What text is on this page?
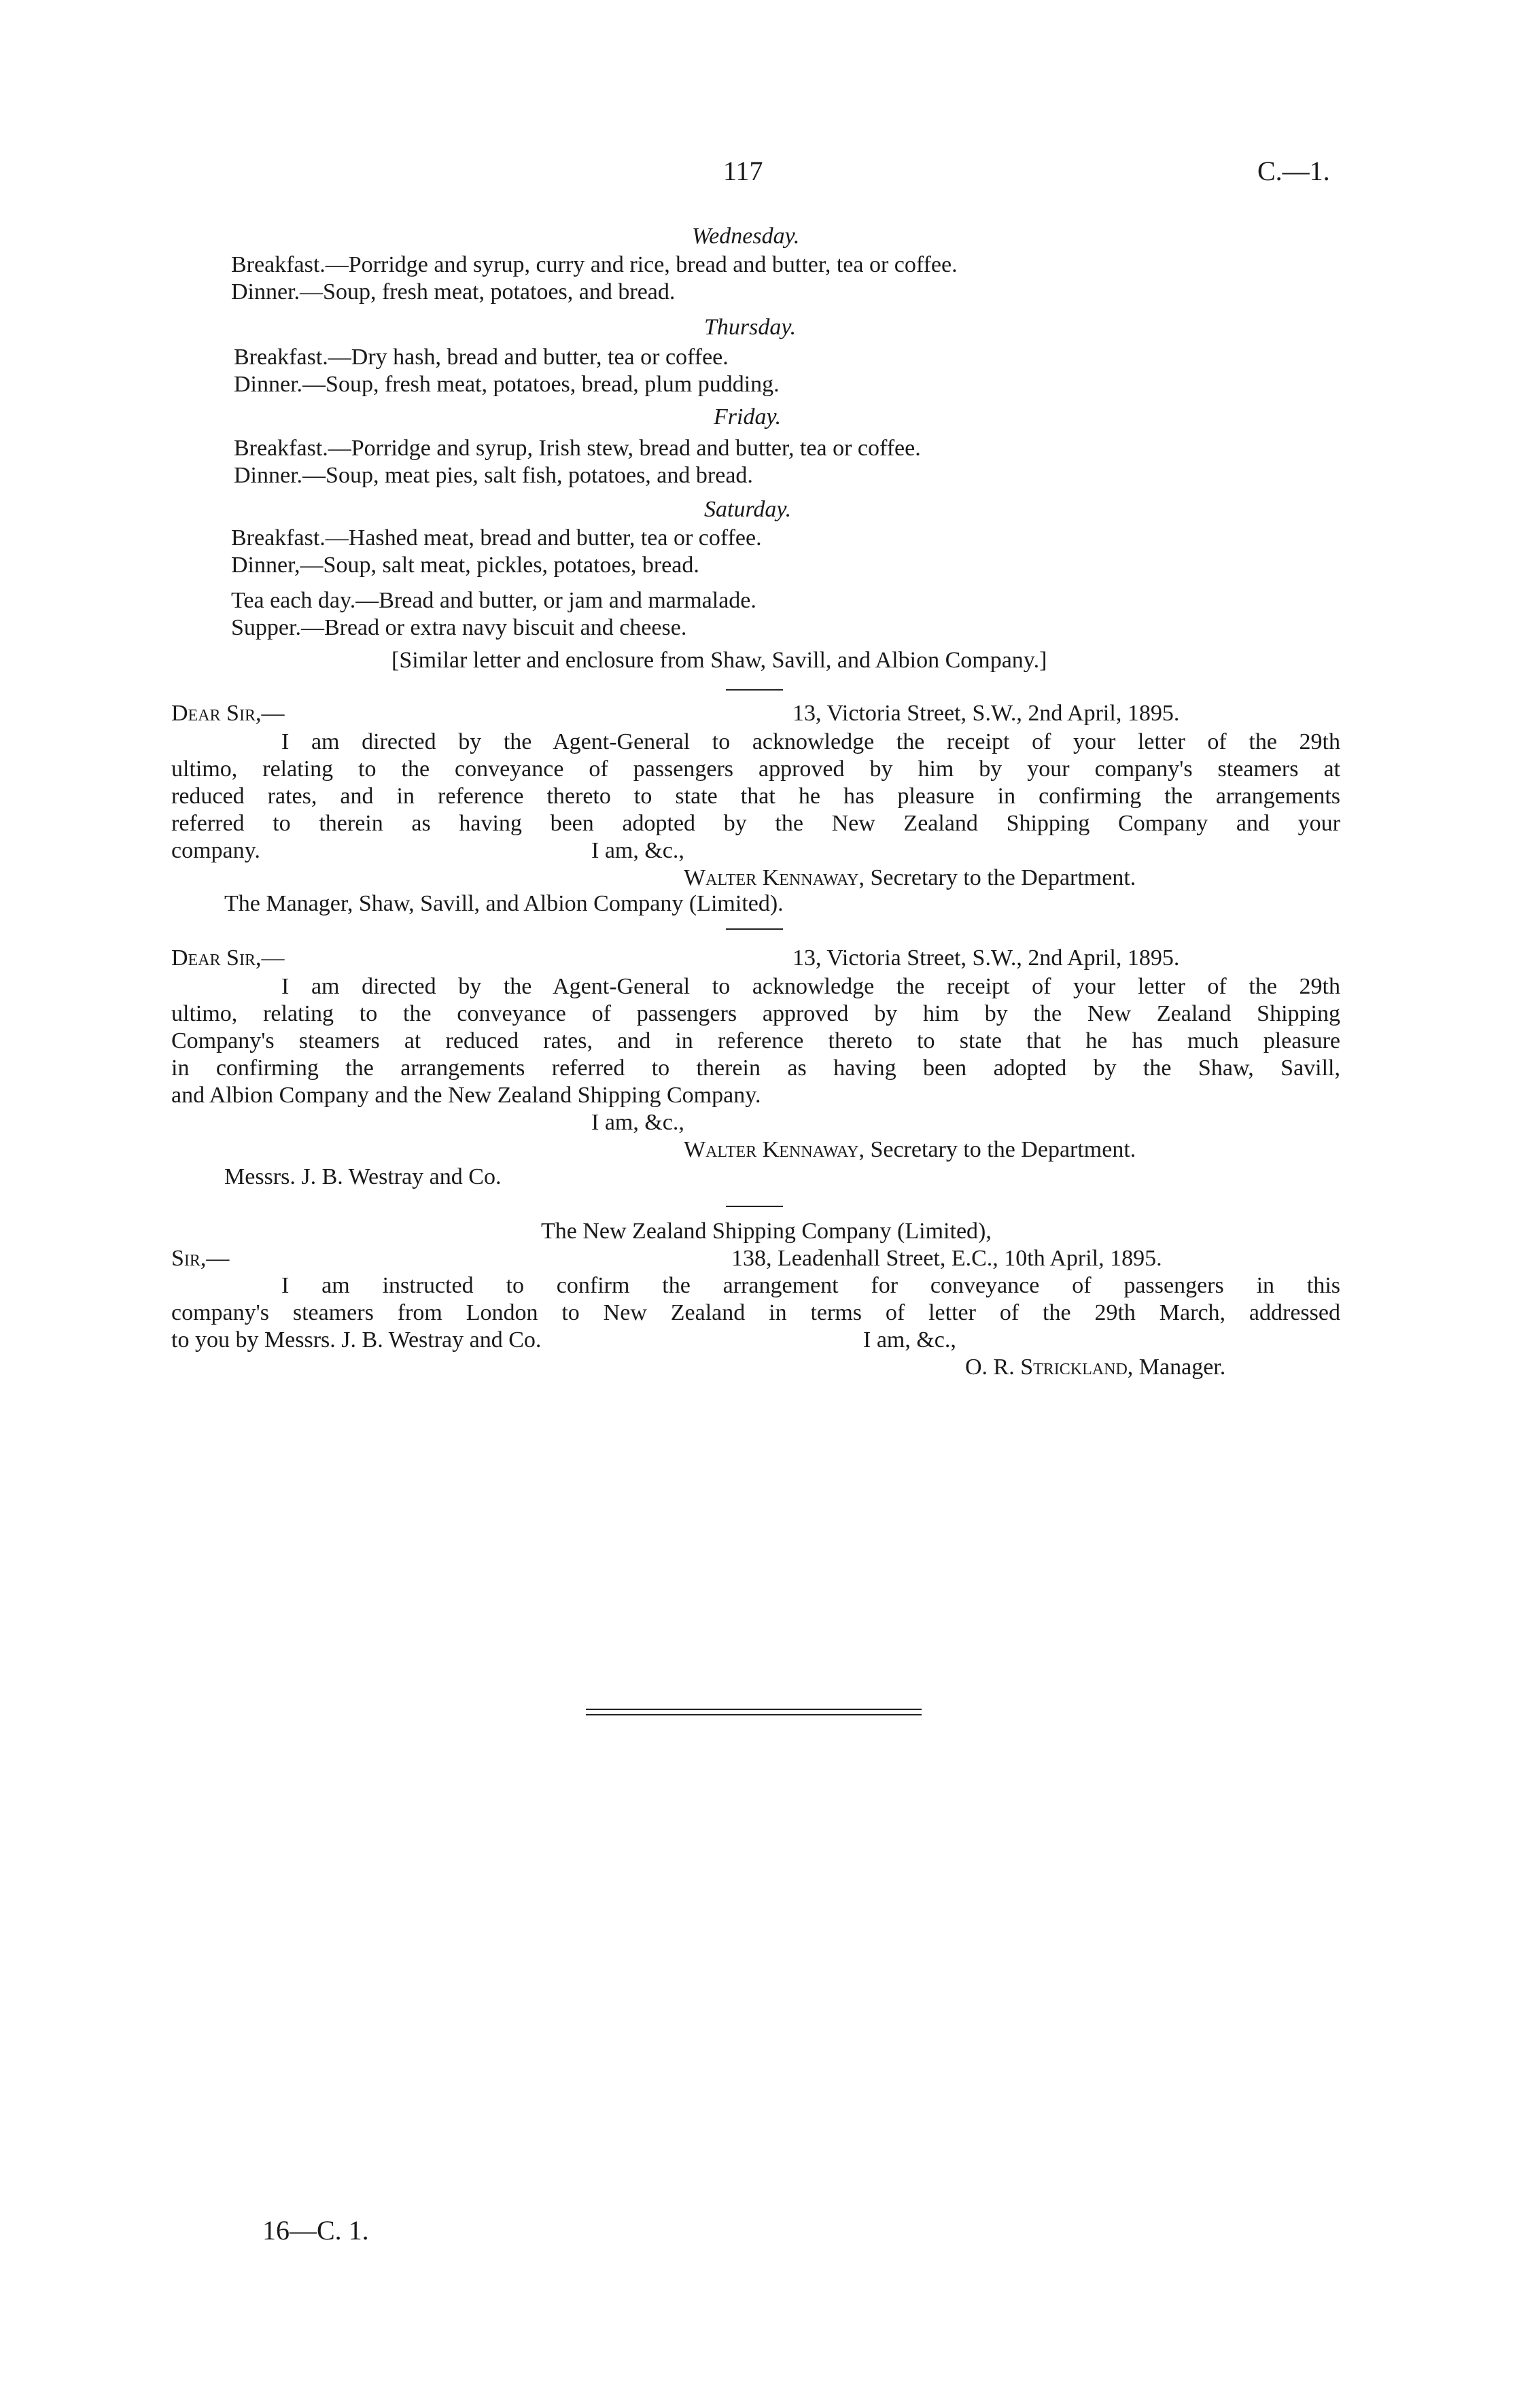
117	C.—1.
Wednesday.
Breakfast.—Porridge and syrup, curry and rice, bread and butter, tea or coffee.
Dinner.—Soup, fresh meat, potatoes, and bread.
Thursday.
Breakfast.—Dry hash, bread and butter, tea or coffee.
Dinner.—Soup, fresh meat, potatoes, bread, plum pudding.
Friday.
Breakfast.—Porridge and syrup, Irish stew, bread and butter, tea or coffee.
Dinner.—Soup, meat pies, salt fish, potatoes, and bread.
Saturday.
Breakfast.—Hashed meat, bread and butter, tea or coffee.
Dinner,—Soup, salt meat, pickles, potatoes, bread.
Tea each day.—Bread and butter, or jam and marmalade.
Supper.—Bread or extra navy biscuit and cheese.
[Similar letter and enclosure from Shaw, Savill, and Albion Company.]
Dear Sir,—	13, Victoria Street, S.W., 2nd April, 1895.
I am directed by the Agent-General to acknowledge the receipt of your letter of the 29th
ultimo, relating to the conveyance of passengers approved by him by your company's steamers at
reduced rates, and in reference thereto to state that he has pleasure in confirming the arrangements
referred to therein as having been adopted by the New Zealand Shipping Company and your
company.	I am, &c.,
Walter Kennaway, Secretary to the Department.
The Manager, Shaw, Savill, and Albion Company (Limited).
Dear Sir,—	13, Victoria Street, S.W., 2nd April, 1895.
I am directed by the Agent-General to acknowledge the receipt of your letter of the 29th
ultimo, relating to the conveyance of passengers approved by him by the New Zealand Shipping
Company's steamers at reduced rates, and in reference thereto to state that he has much pleasure
in confirming the arrangements referred to therein as having been adopted by the Shaw, Savill,
and Albion Company and the New Zealand Shipping Company.
I am, &c.,
Walter Kennaway, Secretary to the Department.
Messrs. J. B. Westray and Co.
The New Zealand Shipping Company (Limited),
Sir,—	138, Leadenhall Street, E.C., 10th April, 1895.
I am instructed to confirm the arrangement for conveyance of passengers in this
company's steamers from London to New Zealand in terms of letter of the 29th March, addressed
to you by Messrs. J. B. Westray and Co.	I am, &c.,
O. R. Strickland, Manager.
16—C. 1.
